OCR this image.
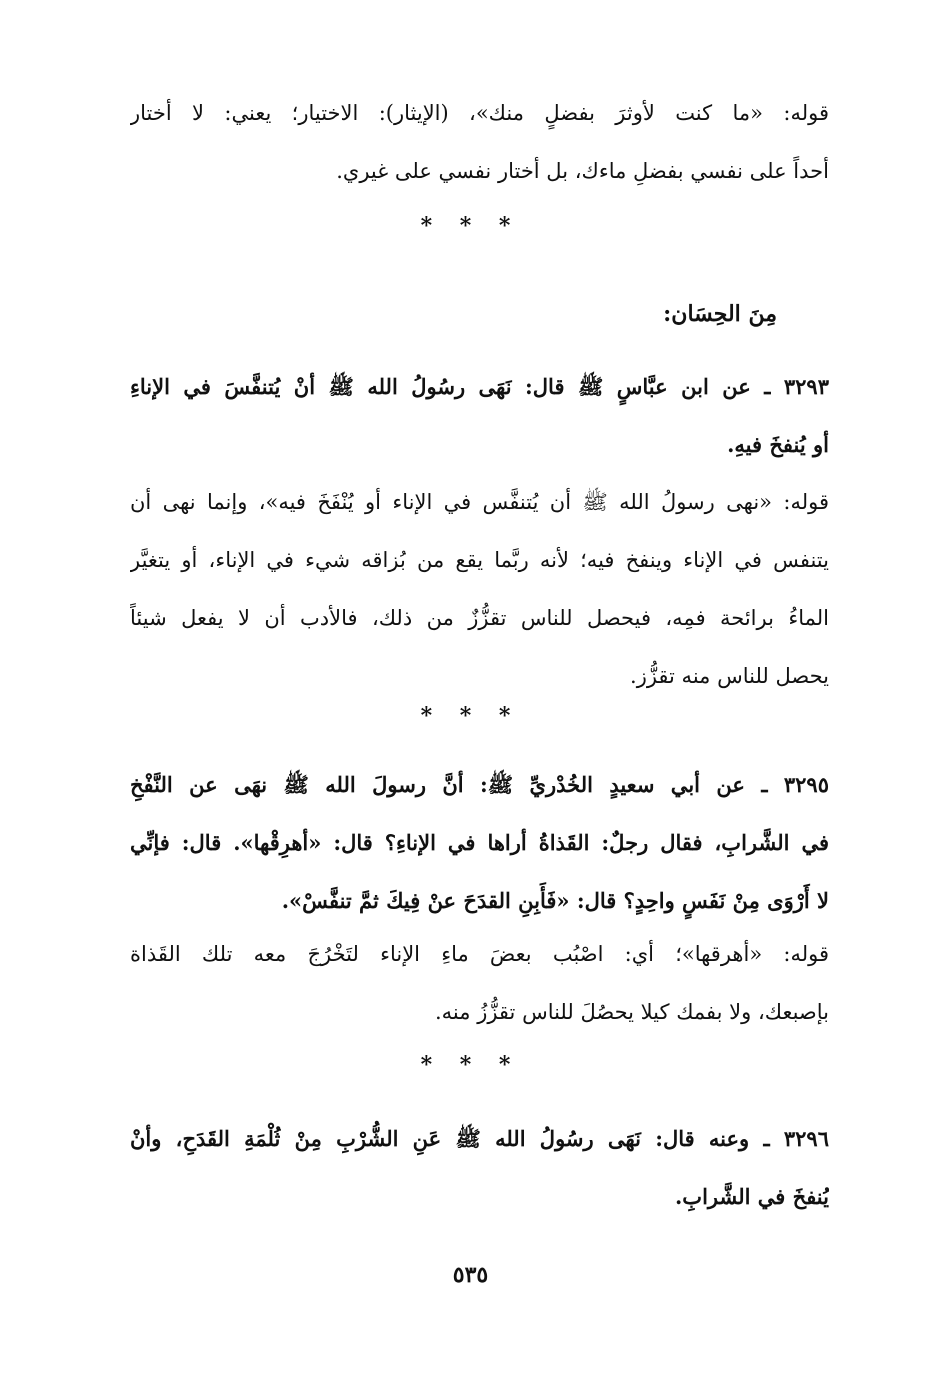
قوله: «ما كنت لأوثرَ بفضلٍ منك»، (الإيثار): الاختيار؛ يعني: لا أختار
أحداً على نفسي بفضلِ ماءك، بل أختار نفسي على غيري.
* * *
مِنَ الحِسَان:
٣٢٩٣ ـ عن ابن عبَّاسٍ ﷺ قال: نَهَى رسُولُ الله ﷺ أنْ يُتنفَّسَ في الإناءِ
أو يُنفخَ فيهِ.
قوله: «نهى رسولُ الله ﷺ أن يُتنفَّس في الإناء أو يُنْفَخَ فيه»، وإنما نهى أن
يتنفس في الإناء وينفخ فيه؛ لأنه ربَّما يقع من بُزاقه شيء في الإناء، أو يتغيَّر
الماءُ برائحة فمِه، فيحصل للناس تقزُّزٌ من ذلك، فالأدب أن لا يفعل شيئاً
يحصل للناس منه تقزُّز.
* * *
٣٢٩٥ ـ عن أبي سعيدٍ الخُدْريِّ ﷺ: أنَّ رسولَ الله ﷺ نهَى عن النَّفْخِ
في الشَّرابِ، فقال رجلٌ: القَذاةُ أراها في الإناءِ؟ قال: «أهرِقْها». قال: فإنِّي
لا أَرْوَى مِنْ نَفَسٍ واحِدٍ؟ قال: «فَأَبِنِ القدَحَ عنْ فِيكَ ثمَّ تنفَّسْ».
قوله: «أهرقها»؛ أي: اصْبُب بعضَ ماءِ الإناء لتَخْرُجَ معه تلك القَذاة
بإصبعك، ولا بفمك كيلا يحصُلَ للناس تقزُّزُ منه.
* * *
٣٢٩٦ ـ وعنه قال: نَهَى رسُولُ الله ﷺ عَنِ الشُّرْبِ مِنْ ثُلْمَةِ القَدَحِ، وأنْ
يُنفخَ في الشَّرابِ.
٥٣٥
